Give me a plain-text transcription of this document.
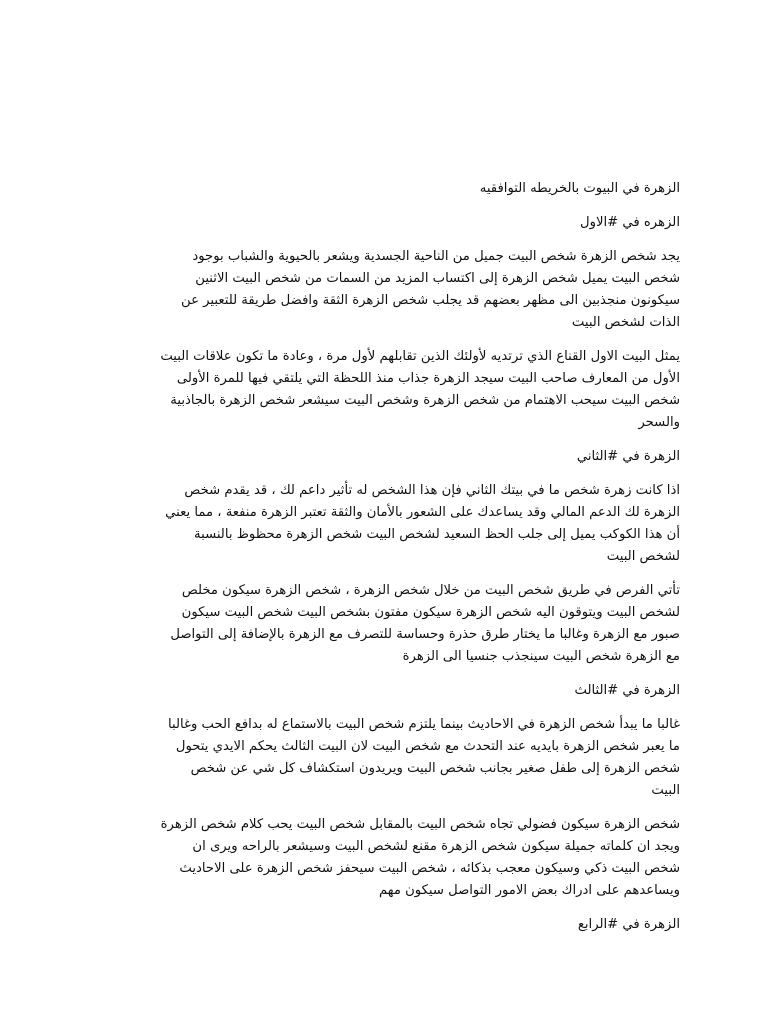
الزهرة في البيوت بالخريطه التوافقيه
الزهره في #الاول
يجد شخص الزهرة شخص البيت جميل من الناحية الجسدية ويشعر بالحيوية والشباب بوجود
شخص البيت يميل شخص الزهرة إلى اكتساب المزيد من السمات من شخص البيت الاثنين
سيكونون منجذبين الى مظهر بعضهم قد يجلب شخص الزهرة الثقة وافضل طريقة للتعبير عن
الذات لشخص البيت
يمثل البيت الاول القناع الذي ترتديه لأولئك الذين تقابلهم لأول مرة ، وعادة ما تكون علاقات البيت
الأول من المعارف صاحب البيت سيجد الزهرة جذاب منذ اللحظة التي يلتقي فيها للمرة الأولى
شخص البيت سيحب الاهتمام من شخص الزهرة وشخص البيت سيشعر شخص الزهرة بالجاذبية
والسحر
الزهرة في #الثاني
اذا كانت زهرة شخص ما في بيتك الثاني فإن هذا الشخص له تأثير داعم لك ، قد يقدم شخص
الزهرة لك الدعم المالي وقد يساعدك على الشعور بالأمان والثقة تعتبر الزهرة منفعة ، مما يعني
أن هذا الكوكب يميل إلى جلب الحظ السعيد لشخص البيت شخص الزهرة محظوظ بالنسبة
لشخص البيت
تأتي الفرص في طريق شخص البيت من خلال شخص الزهرة ، شخص الزهرة سيكون مخلص
لشخص البيت ويتوقون اليه شخص الزهرة سيكون مفتون بشخص البيت شخص البيت سيكون
صبور مع الزهرة وغالبا ما يختار طرق حذرة وحساسة للتصرف مع الزهرة بالإضافة إلى التواصل
مع الزهرة شخص البيت سينجذب جنسيا الى الزهرة
الزهرة في #الثالث
غالبا ما يبدأ شخص الزهرة في الاحاديث بينما يلتزم شخص البيت بالاستماع له بدافع الحب وغالبا
ما يعبر شخص الزهرة بايديه عند التحدث مع شخص البيت لان البيت الثالث يحكم الايدي يتحول
شخص الزهرة إلى طفل صغير بجانب شخص البيت ويريدون استكشاف كل شي عن شخص
البيت
شخص الزهرة سيكون فضولي تجاه شخص البيت بالمقابل شخص البيت يحب كلام شخص الزهرة
ويجد ان كلماته جميلة سيكون شخص الزهرة مقنع لشخص البيت وسيشعر بالراحه ويرى ان
شخص البيت ذكي وسيكون معجب بذكائه ، شخص البيت سيحفز شخص الزهرة على الاحاديث
ويساعدهم على ادراك بعض الامور التواصل سيكون مهم
الزهرة في #الرابع
